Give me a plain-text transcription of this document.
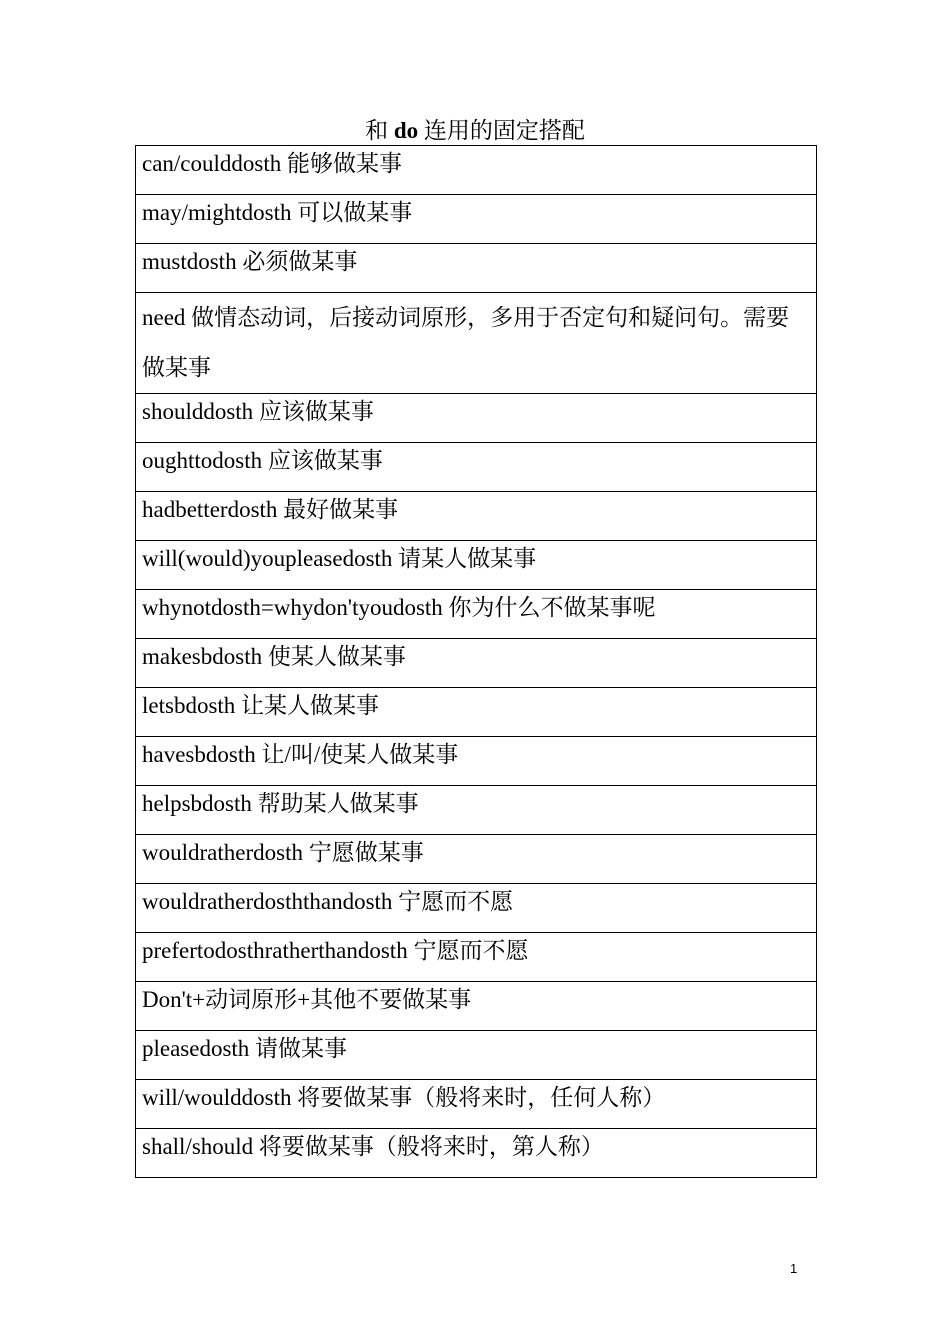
和 do 连用的固定搭配
can/coulddosth 能够做某事
may/mightdosth 可以做某事
mustdosth 必须做某事
need 做情态动词，后接动词原形，多用于否定句和疑问句。需要做某事
shoulddosth 应该做某事
oughttodosth 应该做某事
hadbetterdosth 最好做某事
will(would)youpleasedosth 请某人做某事
whynotdosth=whydon'tyoudosth 你为什么不做某事呢
makesbdosth 使某人做某事
letsbdosth 让某人做某事
havesbdosth 让/叫/使某人做某事
helpsbdosth 帮助某人做某事
wouldratherdosth 宁愿做某事
wouldratherdosththandosth 宁愿而不愿
prefertodosthratherthandosth 宁愿而不愿
Don't+动词原形+其他不要做某事
pleasedosth 请做某事
will/woulddosth 将要做某事（般将来时，任何人称）
shall/should 将要做某事（般将来时，第人称）
1
